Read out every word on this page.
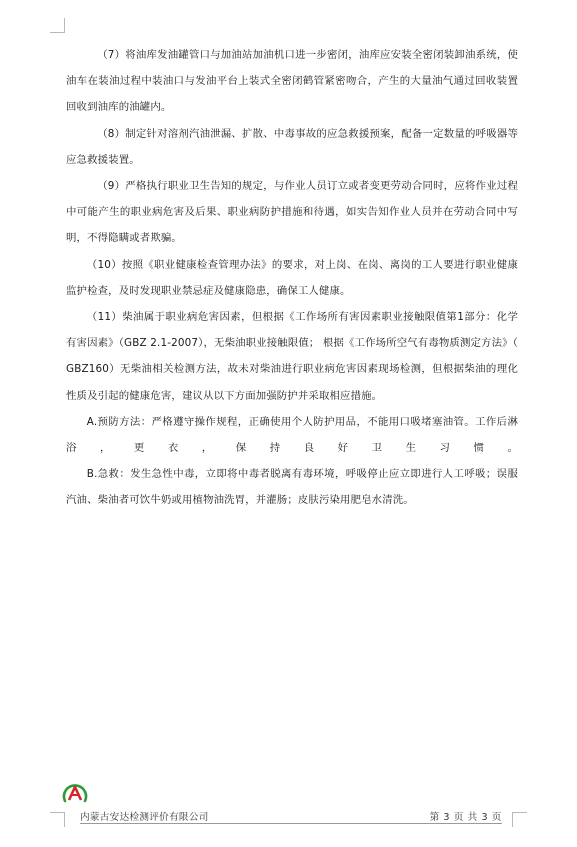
（7）将油库发油罐管口与加油站加油机口进一步密闭，油库应安装全密闭装卸油系统，使油车在装油过程中装油口与发油平台上装式全密闭鹤管紧密吻合，产生的大量油气通过回收装置回收到油库的油罐内。

（8）制定针对溶剂汽油泄漏、扩散、中毒事故的应急救援预案，配备一定数量的呼吸器等应急救援装置。

（9）严格执行职业卫生告知的规定，与作业人员订立或者变更劳动合同时，应将作业过程中可能产生的职业病危害及后果、职业病防护措施和待遇，如实告知作业人员并在劳动合同中写明，不得隐瞒或者欺骗。

（10）按照《职业健康检查管理办法》的要求，对上岗、在岗、离岗的工人要进行职业健康监护检查，及时发现职业禁忌症及健康隐患，确保工人健康。

（11）柴油属于职业病危害因素，但根据《工作场所有害因素职业接触限值第1部分：化学有害因素》（GBZ 2.1-2007），无柴油职业接触限值； 根据《工作场所空气有毒物质测定方法》（GBZ160）无柴油相关检测方法，故未对柴油进行职业病危害因素现场检测，但根据柴油的理化性质及引起的健康危害，建议从以下方面加强防护并采取相应措施。

A.预防方法：严格遵守操作规程，正确使用个人防护用品，不能用口吸堵塞油管。工作后淋浴，更衣，保持良好卫生习惯。

B.急救：发生急性中毒，立即将中毒者脱离有毒环境，呼吸停止应立即进行人工呼吸；误服汽油、柴油者可饮牛奶或用植物油洗胃，并灌肠；皮肤污染用肥皂水清洗。

内蒙古安达检测评价有限公司	第 3 页 共 3 页
